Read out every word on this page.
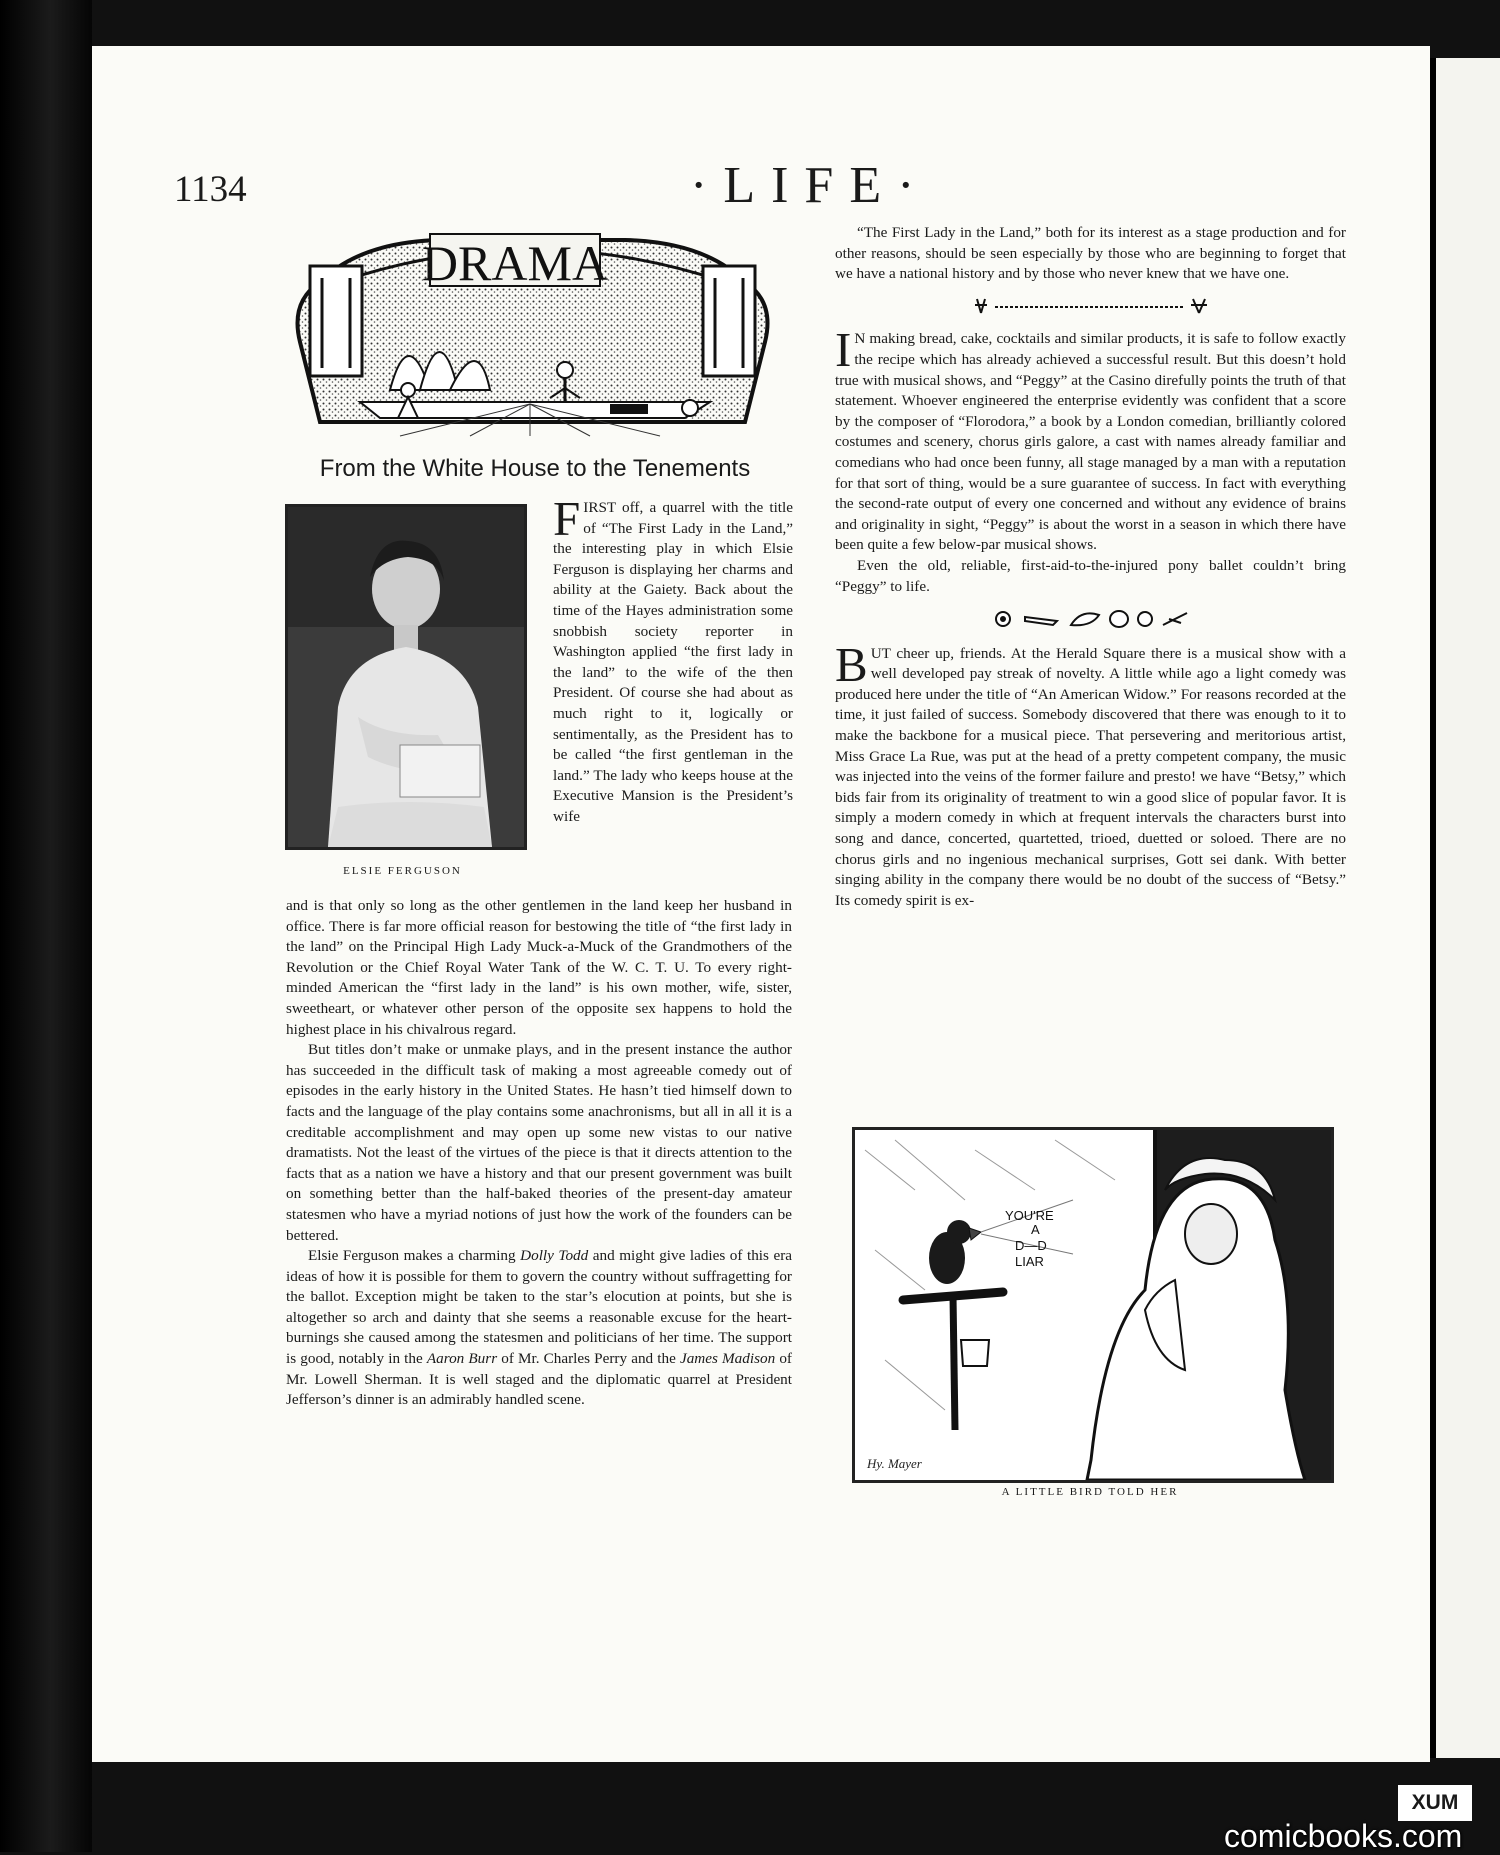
1134	·LIFE·
DRAMA
From the White House to the Tenements
ELSIE FERGUSON

FIRST off, a quarrel with the title of “The First Lady in the Land,” the interesting play in which Elsie Ferguson is displaying her charms and ability at the Gaiety. Back about the time of the Hayes administration some snobbish society reporter in Washington applied “the first lady in the land” to the wife of the then President. Of course she had about as much right to it, logically or sentimentally, as the President has to be called “the first gentleman in the land.” The lady who keeps house at the Executive Mansion is the President’s wife

and is that only so long as the other gentlemen in the land keep her husband in office. There is far more official reason for bestowing the title of “the first lady in the land” on the Principal High Lady Muck-a-Muck of the Grandmothers of the Revolution or the Chief Royal Water Tank of the W. C. T. U. To every right-minded American the “first lady in the land” is his own mother, wife, sister, sweetheart, or whatever other person of the opposite sex happens to hold the highest place in his chivalrous regard.

But titles don’t make or unmake plays, and in the present instance the author has succeeded in the difficult task of making a most agreeable comedy out of episodes in the early history in the United States. He hasn’t tied himself down to facts and the language of the play contains some anachronisms, but all in all it is a creditable accomplishment and may open up some new vistas to our native dramatists. Not the least of the virtues of the piece is that it directs attention to the facts that as a nation we have a history and that our present government was built on something better than the half-baked theories of the present-day amateur statesmen who have a myriad notions of just how the work of the founders can be bettered.

Elsie Ferguson makes a charming Dolly Todd and might give ladies of this era ideas of how it is possible for them to govern the country without suffragetting for the ballot. Exception might be taken to the star’s elocution at points, but she is altogether so arch and dainty that she seems a reasonable excuse for the heart-burnings she caused among the statesmen and politicians of her time. The support is good, notably in the Aaron Burr of Mr. Charles Perry and the James Madison of Mr. Lowell Sherman. It is well staged and the diplomatic quarrel at President Jefferson’s dinner is an admirably handled scene.

“The First Lady in the Land,” both for its interest as a stage production and for other reasons, should be seen especially by those who are beginning to forget that we have a national history and by those who never knew that we have one.

I N making bread, cake, cocktails and similar products, it is safe to follow exactly the recipe which has already achieved a successful result. But this doesn’t hold true with musical shows, and “Peggy” at the Casino direfully points the truth of that statement. Whoever engineered the enterprise evidently was confident that a score by the composer of “Florodora,” a book by a London comedian, brilliantly colored costumes and scenery, chorus girls galore, a cast with names already familiar and comedians who had once been funny, all stage managed by a man with a reputation for that sort of thing, would be a sure guarantee of success. In fact with everything the second-rate output of every one concerned and without any evidence of brains and originality in sight, “Peggy” is about the worst in a season in which there have been quite a few below-par musical shows.

Even the old, reliable, first-aid-to-the-injured pony ballet couldn’t bring “Peggy” to life.

BUT cheer up, friends. At the Herald Square there is a musical show with a well developed pay streak of novelty. A little while ago a light comedy was produced here under the title of “An American Widow.” For reasons recorded at the time, it just failed of success. Somebody discovered that there was enough to it to make the backbone for a musical piece. That persevering and meritorious artist, Miss Grace La Rue, was put at the head of a pretty competent company, the music was injected into the veins of the former failure and presto! we have “Betsy,” which bids fair from its originality of treatment to win a good slice of popular favor. It is simply a modern comedy in which at frequent intervals the characters burst into song and dance, concerted, quartetted, trioed, duetted or soloed. There are no chorus girls and no ingenious mechanical surprises, Gott sei dank. With better singing ability in the company there would be no doubt of the success of “Betsy.” Its comedy spirit is ex-

YOU'RE
A
D—D
LIAR
Hy. Mayer
A LITTLE BIRD TOLD HER
XUM
comicbooks.com
